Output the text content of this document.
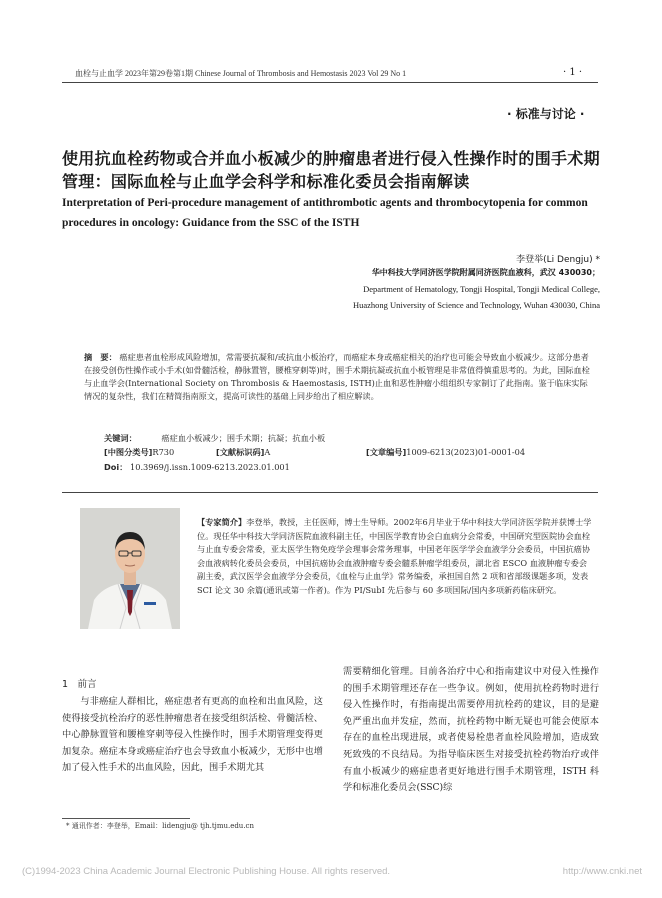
血栓与止血学 2023年第29卷第1期 Chinese Journal of Thrombosis and Hemostasis 2023 Vol 29 No 1	· 1 ·
· 标准与讨论 ·
使用抗血栓药物或合并血小板减少的肿瘤患者进行侵入性操作时的围手术期管理：国际血栓与止血学会科学和标准化委员会指南解读
Interpretation of Peri-procedure management of antithrombotic agents and thrombocytopenia for common procedures in oncology: Guidance from the SSC of the ISTH
李登举(Li Dengju) *
华中科技大学同济医学院附属同济医院血液科，武汉 430030；
Department of Hematology, Tongji Hospital, Tongji Medical College,
Huazhong University of Science and Technology, Wuhan 430030, China
摘　要： 癌症患者血栓形成风险增加，常需要抗凝和/或抗血小板治疗，而癌症本身或癌症相关的治疗也可能会导致血小板减少。这部分患者在接受创伤性操作或小手术(如骨髓活检，静脉置管，腰椎穿刺等)时，围手术期抗凝或抗血小板管理是非常值得慎重思考的。为此，国际血栓与止血学会(International Society on Thrombosis & Haemostasis, ISTH)止血和恶性肿瘤小组组织专家制订了此指南。鉴于临床实际情况的复杂性，我们在精简指南原文，提高可读性的基础上同步给出了相应解读。
关键词：	癌症血小板减少；围手术期；抗凝；抗血小板
[中图分类号]R730	[文献标识码]A	[文章编号]1009-6213(2023)01-0001-04
Doi： 10.3969/j.issn.1009-6213.2023.01.001
【专家简介】李登举，教授，主任医师，博士生导师。2002年6月毕业于华中科技大学同济医学院并获博士学位。现任华中科技大学同济医院血液科副主任，中国医学教育协会白血病分会常委，中国研究型医院协会血栓与止血专委会常委，亚太医学生物免疫学会理事会常务理事，中国老年医学学会血液学分会委员，中国抗癌协会血液病转化委员会委员，中国抗癌协会血液肿瘤专委会髓系肿瘤学组委员，湖北省 ESCO 血液肿瘤专委会副主委，武汉医学会血液学分会委员，《血栓与止血学》常务编委，承担国自然 2 项和省部级课题多项，发表 SCI 论文 30 余篇(通讯或第一作者)。作为 PI/SubI 先后参与 60 多项国际/国内多项新药临床研究。
1　前言

与非癌症人群相比，癌症患者有更高的血栓和出血风险，这使得接受抗栓治疗的恶性肿瘤患者在接受组织活检、骨髓活检、中心静脉置管和腰椎穿刺等侵入性操作时，围手术期管理变得更加复杂。癌症本身或癌症治疗也会导致血小板减少，无形中也增加了侵入性手术的出血风险，因此，围手术期尤其

需要精细化管理。目前各治疗中心和指南建议中对侵入性操作的围手术期管理还存在一些争议。例如，使用抗栓药物时进行侵入性操作时，有指南提出需要停用抗栓药的建议，目的是避免严重出血并发症，然而，抗栓药物中断无疑也可能会使原本存在的血栓出现进展，或者使易栓患者血栓风险增加，造成致死致残的不良结局。为指导临床医生对接受抗栓药物治疗或伴有血小板减少的癌症患者更好地进行围手术期管理，ISTH 科学和标准化委员会(SSC)综

* 通讯作者：李登举，Email：lidengju@ tjh.tjmu.edu.cn
(C)1994-2023 China Academic Journal Electronic Publishing House. All rights reserved.	http://www.cnki.net
